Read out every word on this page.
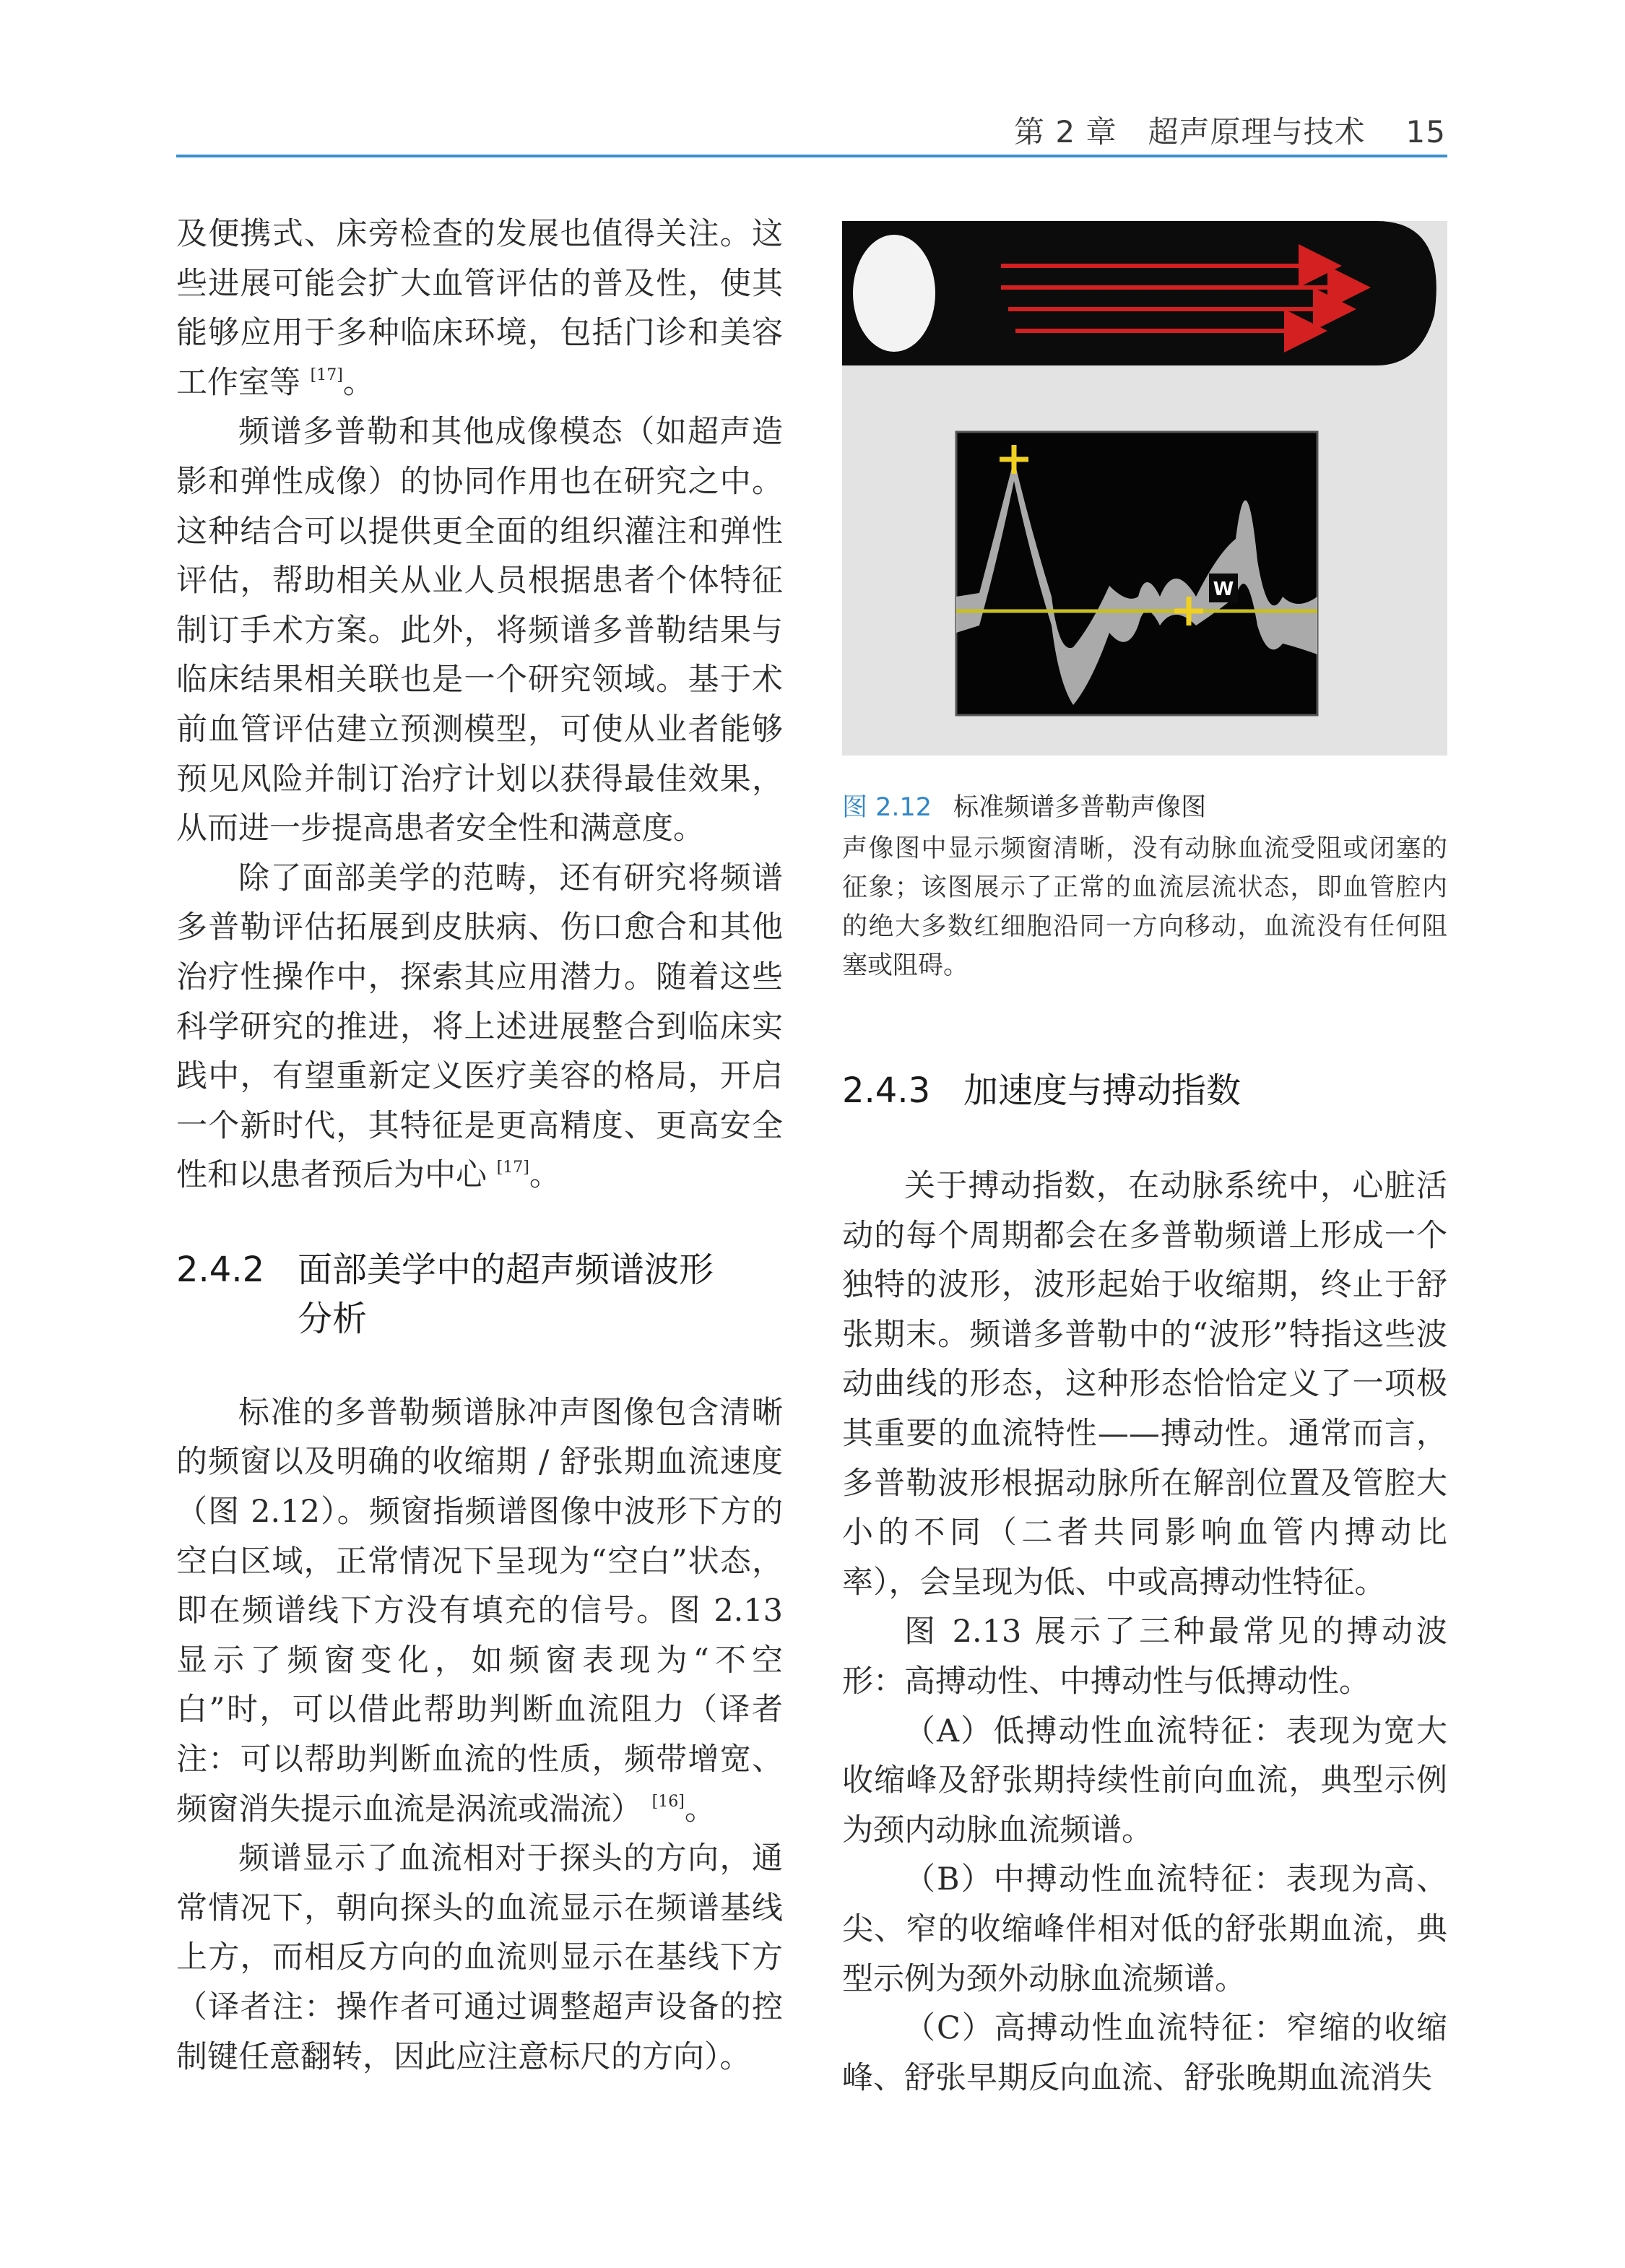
第 2 章 超声原理与技术 15

及便携式、床旁检查的发展也值得关注。这些进展可能会扩大血管评估的普及性，使其能够应用于多种临床环境，包括门诊和美容工作室等 [17]。

频谱多普勒和其他成像模态（如超声造影和弹性成像）的协同作用也在研究之中。这种结合可以提供更全面的组织灌注和弹性评估，帮助相关从业人员根据患者个体特征制订手术方案。此外，将频谱多普勒结果与临床结果相关联也是一个研究领域。基于术前血管评估建立预测模型，可使从业者能够预见风险并制订治疗计划以获得最佳效果，从而进一步提高患者安全性和满意度。

除了面部美学的范畴，还有研究将频谱多普勒评估拓展到皮肤病、伤口愈合和其他治疗性操作中，探索其应用潜力。随着这些科学研究的推进，将上述进展整合到临床实践中，有望重新定义医疗美容的格局，开启一个新时代，其特征是更高精度、更高安全性和以患者预后为中心 [17]。

2.4.2 面部美学中的超声频谱波形
分析

标准的多普勒频谱脉冲声图像包含清晰的频窗以及明确的收缩期 / 舒张期血流速度（图 2.12）。频窗指频谱图像中波形下方的空白区域，正常情况下呈现为“空白”状态，即在频谱线下方没有填充的信号。图 2.13 显示了频窗变化，如频窗表现为“不空白”时，可以借此帮助判断血流阻力（译者注：可以帮助判断血流的性质，频带增宽、频窗消失提示血流是涡流或湍流） [16]。

频谱显示了血流相对于探头的方向，通常情况下，朝向探头的血流显示在频谱基线上方，而相反方向的血流则显示在基线下方（译者注：操作者可通过调整超声设备的控制键任意翻转，因此应注意标尺的方向）。

W
图 2.12 标准频谱多普勒声像图

声像图中显示频窗清晰，没有动脉血流受阻或闭塞的征象；该图展示了正常的血流层流状态，即血管腔内的绝大多数红细胞沿同一方向移动，血流没有任何阻塞或阻碍。

2.4.3 加速度与搏动指数

关于搏动指数，在动脉系统中，心脏活动的每个周期都会在多普勒频谱上形成一个独特的波形，波形起始于收缩期，终止于舒张期末。频谱多普勒中的“波形”特指这些波动曲线的形态，这种形态恰恰定义了一项极其重要的血流特性——搏动性。通常而言，多普勒波形根据动脉所在解剖位置及管腔大小的不同（二者共同影响血管内搏动比率），会呈现为低、中或高搏动性特征。

图 2.13 展示了三种最常见的搏动波形：高搏动性、中搏动性与低搏动性。

（A）低搏动性血流特征：表现为宽大收缩峰及舒张期持续性前向血流，典型示例为颈内动脉血流频谱。

（B）中搏动性血流特征：表现为高、尖、窄的收缩峰伴相对低的舒张期血流，典型示例为颈外动脉血流频谱。

（C）高搏动性血流特征：窄缩的收缩峰、舒张早期反向血流、舒张晚期血流消失
